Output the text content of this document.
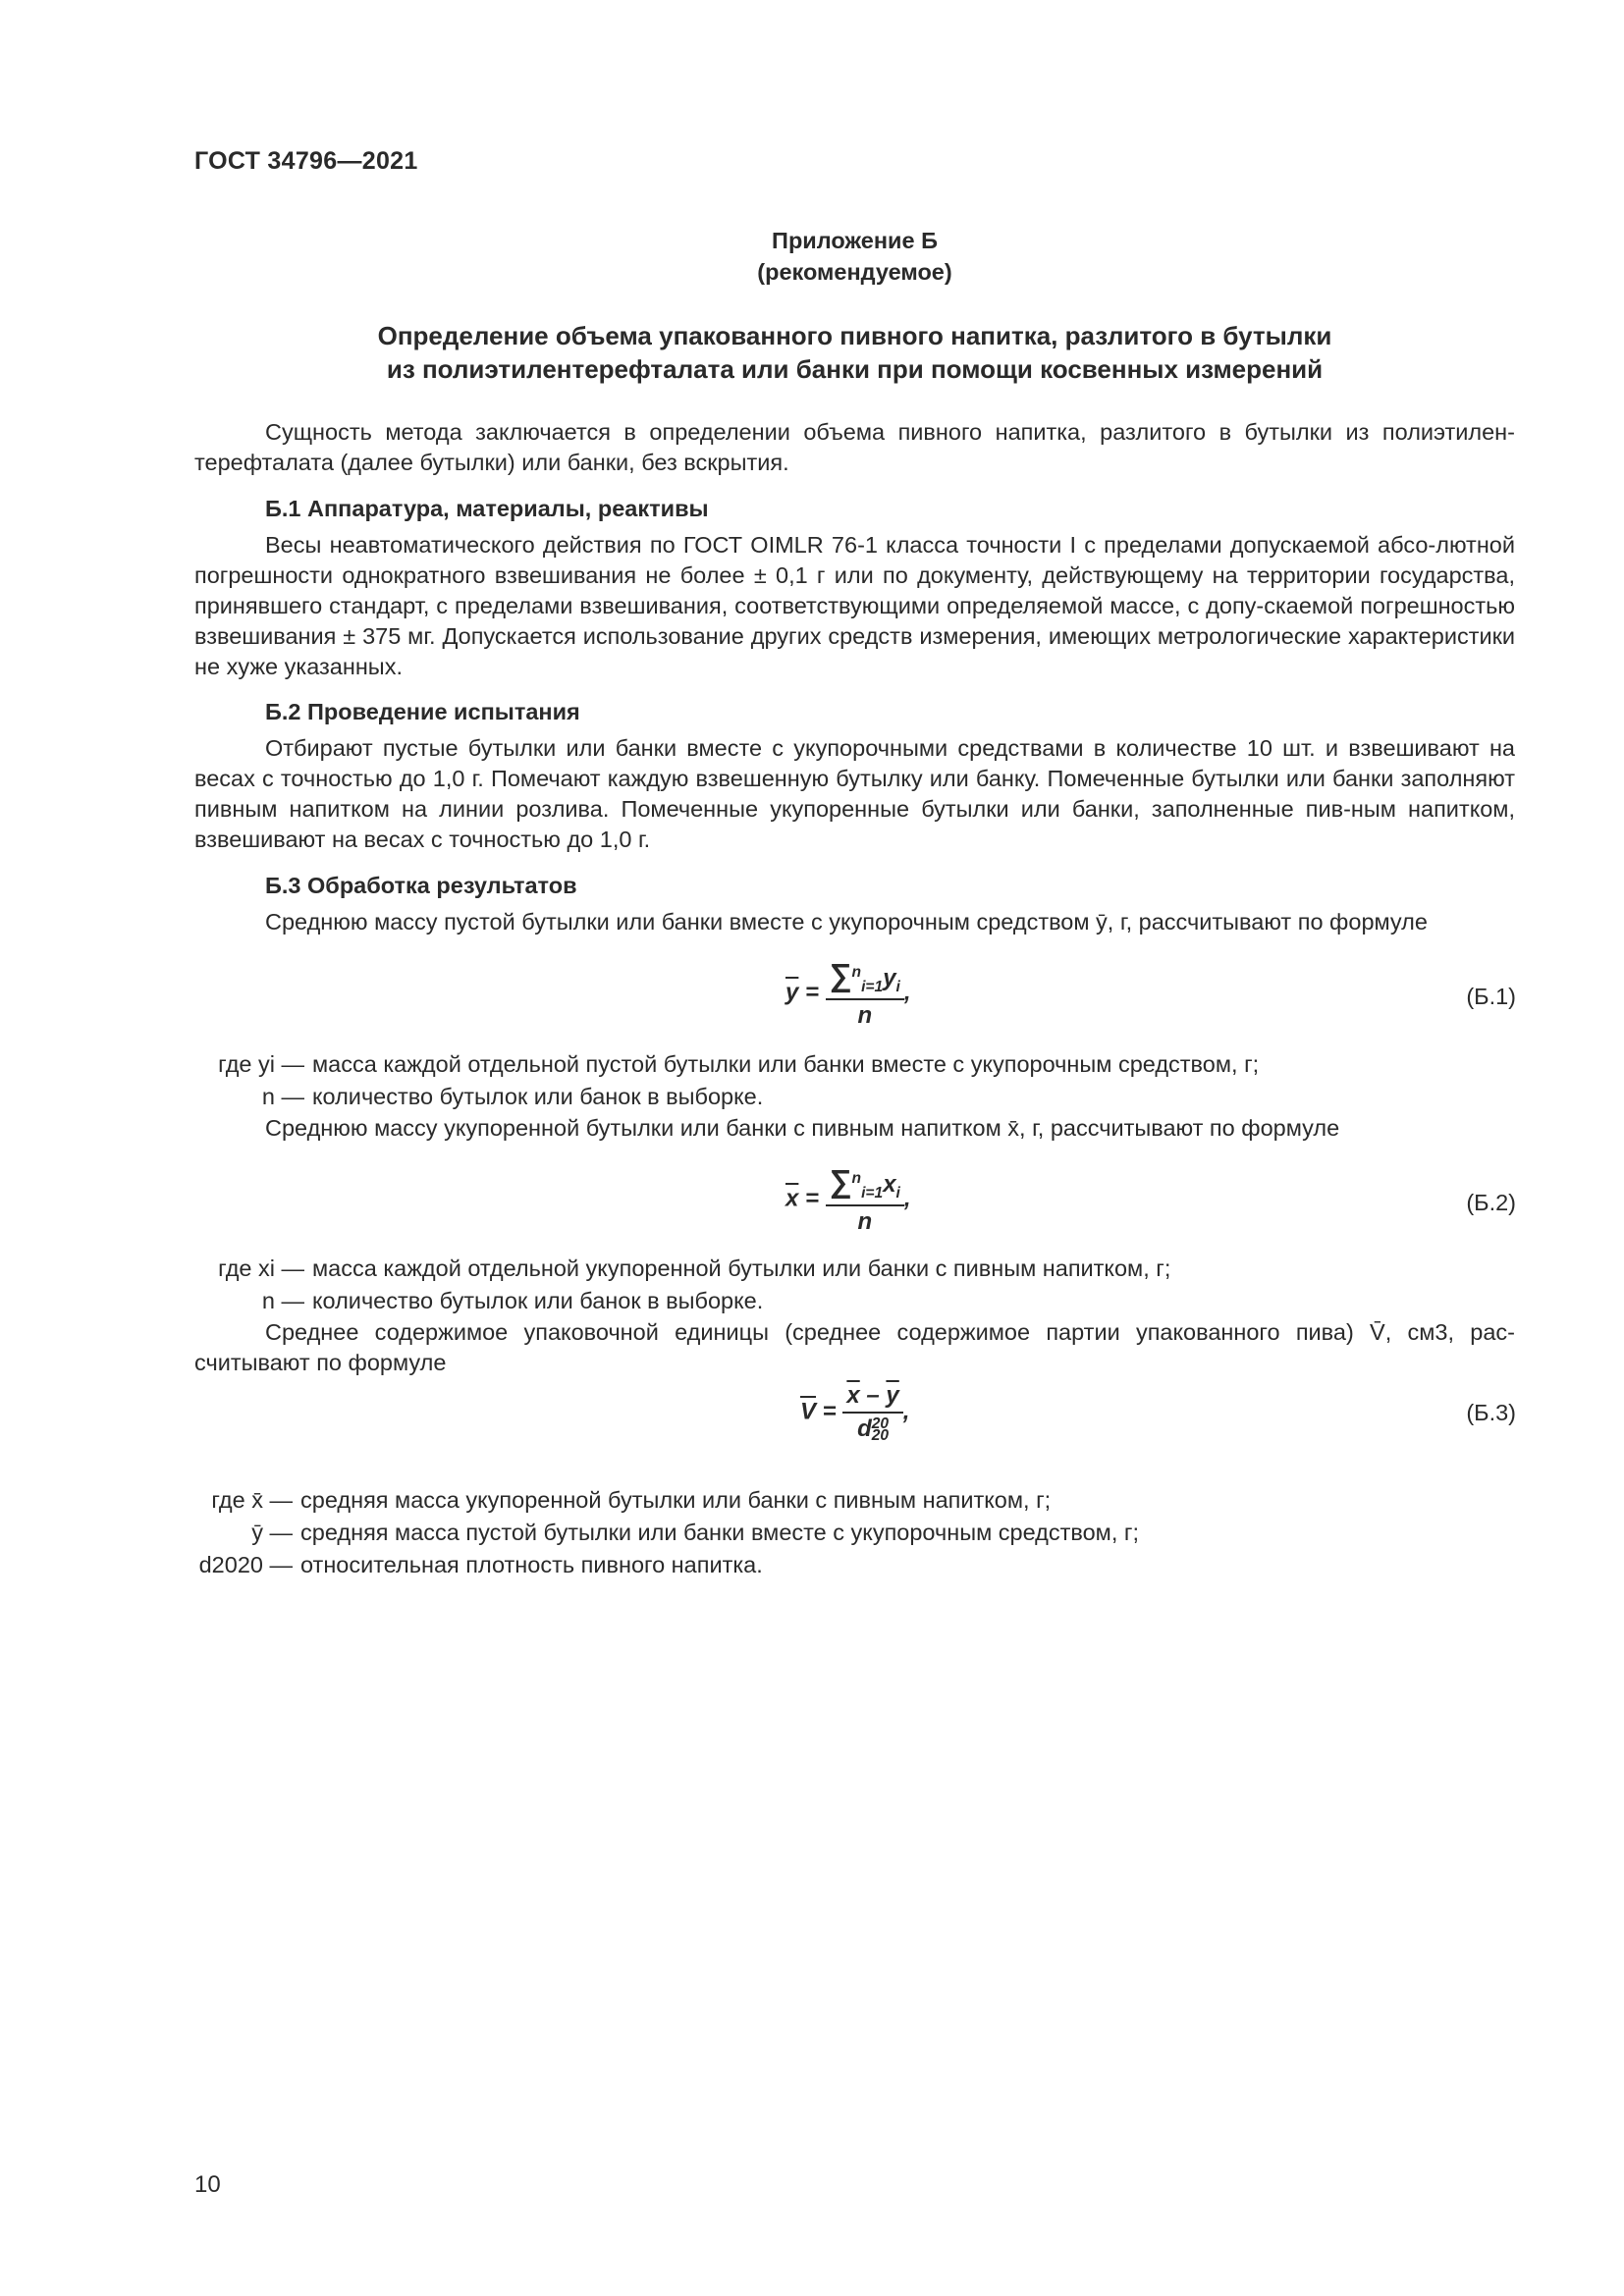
ГОСТ 34796—2021
Приложение Б
(рекомендуемое)
Определение объема упакованного пивного напитка, разлитого в бутылки
из полиэтилентерефталата или банки при помощи косвенных измерений
Сущность метода заключается в определении объема пивного напитка, разлитого в бутылки из полиэтилен-терефталата (далее бутылки) или банки, без вскрытия.
Б.1 Аппаратура, материалы, реактивы
Весы неавтоматического действия по ГОСТ OIMLR 76-1 класса точности I с пределами допускаемой абсо-лютной погрешности однократного взвешивания не более ± 0,1 г или по документу, действующему на территории государства, принявшего стандарт, с пределами взвешивания, соответствующими определяемой массе, с допу-скаемой погрешностью взвешивания ± 375 мг. Допускается использование других средств измерения, имеющих метрологические характеристики не хуже указанных.
Б.2 Проведение испытания
Отбирают пустые бутылки или банки вместе с укупорочными средствами в количестве 10 шт. и взвешивают на весах с точностью до 1,0 г. Помечают каждую взвешенную бутылку или банку. Помеченные бутылки или банки заполняют пивным напитком на линии розлива. Помеченные укупоренные бутылки или банки, заполненные пив-ным напитком, взвешивают на весах с точностью до 1,0 г.
Б.3 Обработка результатов
Среднюю массу пустой бутылки или банки вместе с укупорочным средством ȳ, г, рассчитывают по формуле
$\overline{y} = \frac{\sum^n_{i=1}y_i}{n}$ ,	(Б.1)
где yi — масса каждой отдельной пустой бутылки или банки вместе с укупорочным средством, г;
n — количество бутылок или банок в выборке.
Среднюю массу укупоренной бутылки или банки с пивным напитком x̄, г, рассчитывают по формуле
$\overline{x} = \frac{\sum^n_{i=1}x_i}{n}$ ,	(Б.2)
где xi — масса каждой отдельной укупоренной бутылки или банки с пивным напитком, г;
n — количество бутылок или банок в выборке.
Среднее содержимое упаковочной единицы (среднее содержимое партии упакованного пива) V̄, см3, рас-считывают по формуле
$\overline{V} = \overline{x} - \overline{y}$
d 20
20 ,	(Б.3)
где x̄ — средняя масса укупоренной бутылки или банки с пивным напитком, г;
ȳ — средняя масса пустой бутылки или банки вместе с укупорочным средством, г;
d2020 — относительная плотность пивного напитка.
10
